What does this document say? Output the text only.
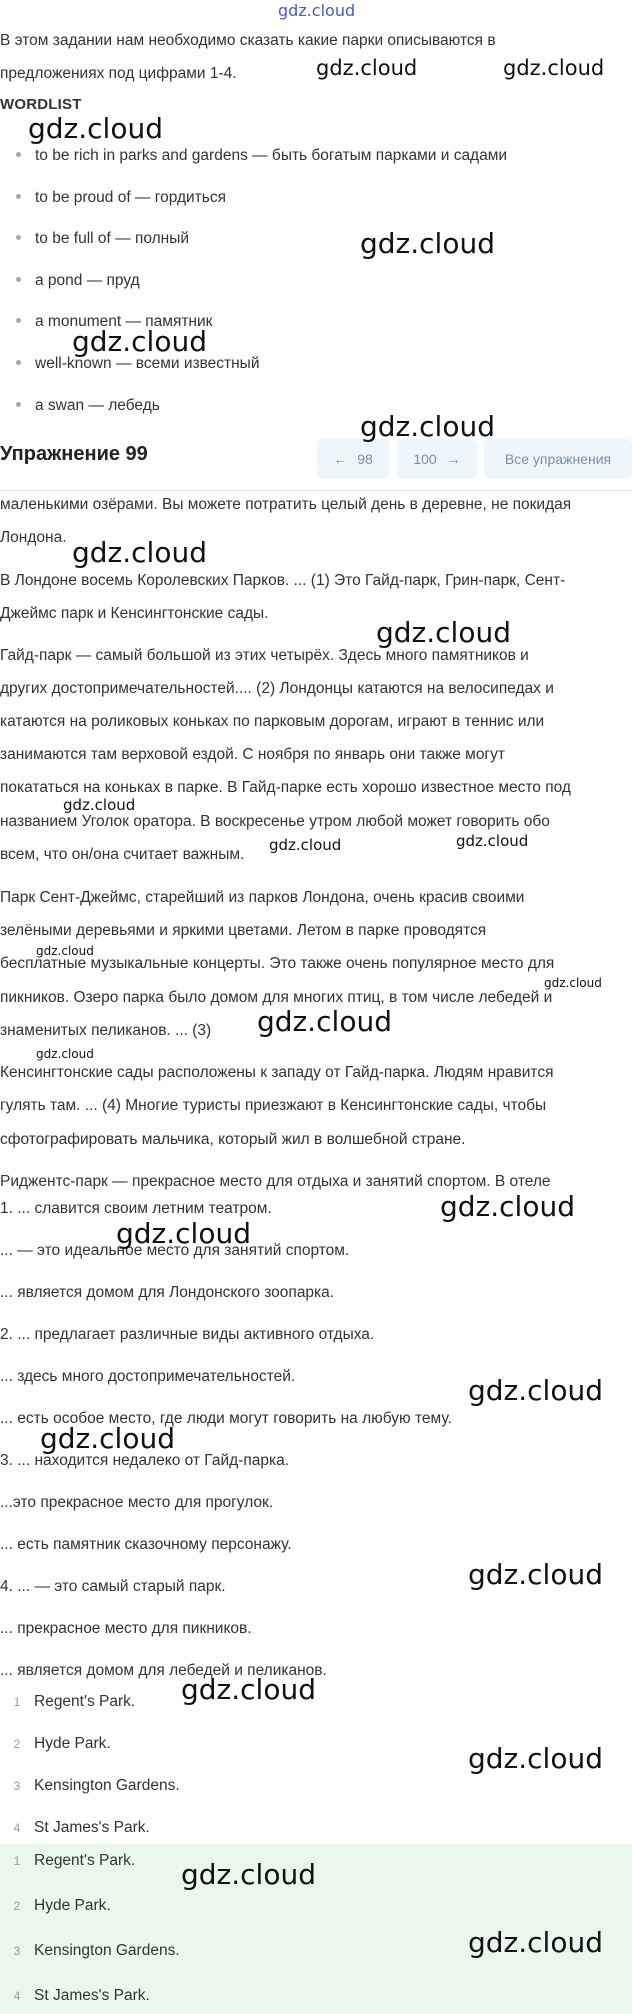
gdz.cloud
В этом задании нам необходимо сказать какие парки описываются в
предложениях под цифрами 1-4.
WORDLIST
to be rich in parks and gardens — быть богатым парками и садами
to be proud of — гордиться
to be full of — полный
a pond — пруд
a monument — памятник
well-known — всеми известный
a swan — лебедь
Упражнение 99	← 98	100 →	Все упражнения
маленькими озёрами. Вы можете потратить целый день в деревне, не покидая
Лондона.
В Лондоне восемь Королевских Парков. ... (1) Это Гайд-парк, Грин-парк, Сент-
Джеймс парк и Кенсингтонские сады.
Гайд-парк — самый большой из этих четырёх. Здесь много памятников и
других достопримечательностей.... (2) Лондонцы катаются на велосипедах и
катаются на роликовых коньках по парковым дорогам, играют в теннис или
занимаются там верховой ездой. С ноября по январь они также могут
покататься на коньках в парке. В Гайд-парке есть хорошо известное место под
названием Уголок оратора. В воскресенье утром любой может говорить обо
всем, что он/она считает важным.
Парк Сент-Джеймс, старейший из парков Лондона, очень красив своими
зелёными деревьями и яркими цветами. Летом в парке проводятся
бесплатные музыкальные концерты. Это также очень популярное место для
пикников. Озеро парка было домом для многих птиц, в том числе лебедей и
знаменитых пеликанов. ... (3)
Кенсингтонские сады расположены к западу от Гайд-парка. Людям нравится
гулять там. ... (4) Многие туристы приезжают в Кенсингтонские сады, чтобы
сфотографировать мальчика, который жил в волшебной стране.
Риджентс-парк — прекрасное место для отдыха и занятий спортом. В отеле
1. ... славится своим летним театром.
... — это идеальное место для занятий спортом.
... является домом для Лондонского зоопарка.
2. ... предлагает различные виды активного отдыха.
... здесь много достопримечательностей.
... есть особое место, где люди могут говорить на любую тему.
3. ... находится недалеко от Гайд-парка.
...это прекрасное место для прогулок.
... есть памятник сказочному персонажу.
4. ... — это самый старый парк.
... прекрасное место для пикников.
... является домом для лебедей и пеликанов.
1 Regent's Park.
2 Hyde Park.
3 Kensington Gardens.
4 St James's Park.
1 Regent's Park.
2 Hyde Park.
3 Kensington Gardens.
4 St James's Park.
gdz.cloud	gdz.cloud
gdz.cloud
gdz.cloud
gdz.cloud
gdz.cloud
gdz.cloud
gdz.cloud
gdz.cloud
gdz.cloud	gdz.cloud
gdz.cloud
gdz.cloud
gdz.cloud
gdz.cloud
gdz.cloud
gdz.cloud
gdz.cloud
gdz.cloud
gdz.cloud
gdz.cloud
gdz.cloud
gdz.cloud
gdz.cloud
